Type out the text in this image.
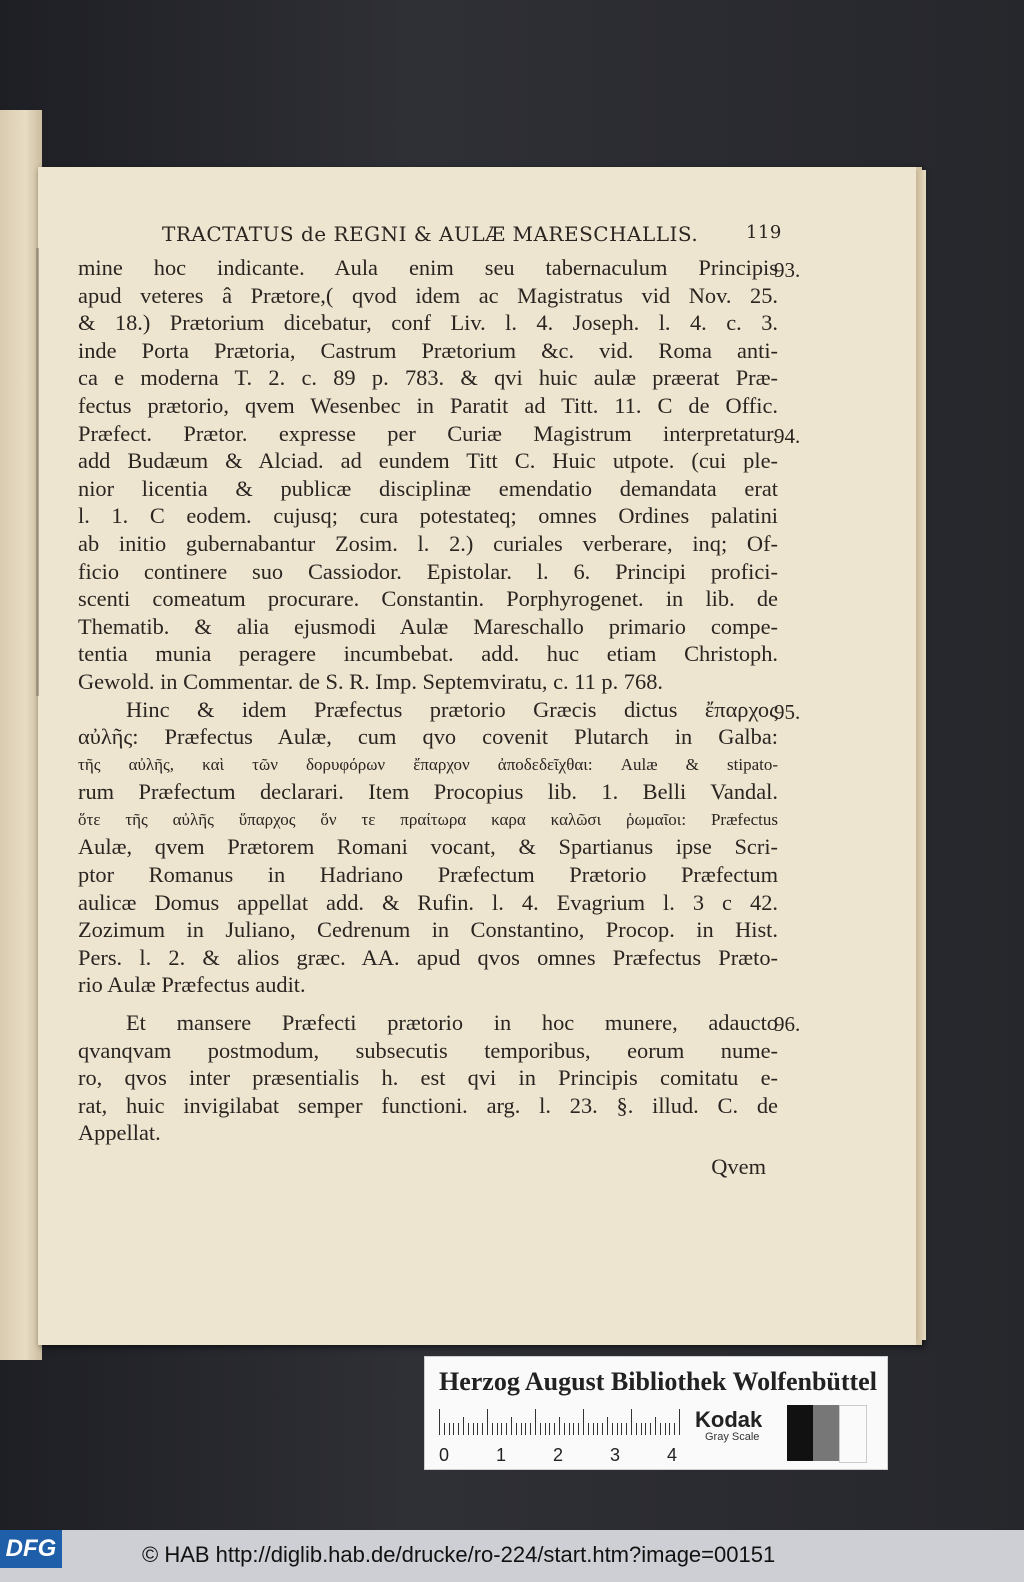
TRACTATUS de REGNI & AULÆ MARESCHALLIS.	119
mine hoc indicante. Aula enim seu tabernaculum Principis
apud veteres â Prætore,( qvod idem ac Magistratus vid Nov. 25.
& 18.) Prætorium dicebatur, conf Liv. l. 4. Joseph. l. 4. c. 3.
inde Porta Prætoria, Castrum Prætorium &c. vid. Roma anti-
ca e moderna T. 2. c. 89 p. 783. & qvi huic aulæ præerat Præ-
fectus prætorio, qvem Wesenbec in Paratit ad Titt. 11. C de Offic.
Præfect. Prætor. expresse per Curiæ Magistrum interpretatur.
add Budæum & Alciad. ad eundem Titt C. Huic utpote. (cui ple-
nior licentia & publicæ disciplinæ emendatio demandata erat
l. 1. C eodem. cujusq; cura potestateq; omnes Ordines palatini
ab initio gubernabantur Zosim. l. 2.) curiales verberare, inq; Of-
ficio continere suo Cassiodor. Epistolar. l. 6. Principi profici-
scenti comeatum procurare. Constantin. Porphyrogenet. in lib. de
Thematib. & alia ejusmodi Aulæ Mareschallo primario compe-
tentia munia peragere incumbebat. add. huc etiam Christoph.
Gewold. in Commentar. de S. R. Imp. Septemviratu, c. 11 p. 768.
Hinc & idem Præfectus prætorio Græcis dictus ἔπαρχος
αὐλῆς: Præfectus Aulæ, cum qvo covenit Plutarch in Galba:
τῆς αὐλῆς, καὶ τῶν δορυφόρων ἔπαρχον ἀποδεδεῖχθαι: Aulæ & stipato-
rum Præfectum declarari. Item Procopius lib. 1. Belli Vandal.
ὅτε τῆς αὐλῆς ὕπαρχος ὅν τε πραίτωρα καρα καλῶσι ῥωμαῖοι: Præfectus
Aulæ, qvem Prætorem Romani vocant, & Spartianus ipse Scri-
ptor Romanus in Hadriano Præfectum Prætorio Præfectum
aulicæ Domus appellat add. & Rufin. l. 4. Evagrium l. 3 c 42.
Zozimum in Juliano, Cedrenum in Constantino, Procop. in Hist.
Pers. l. 2. & alios græc. AA. apud qvos omnes Præfectus Præto-
rio Aulæ Præfectus audit.
Et mansere Præfecti prætorio in hoc munere, adaucto
qvanqvam postmodum, subsecutis temporibus, eorum nume-
ro, qvos inter præsentialis h. est qvi in Principis comitatu e-
rat, huic invigilabat semper functioni. arg. l. 23. §. illud. C. de
Appellat.
Qvem
93.
94.
95.
96.
Herzog August Bibliothek Wolfenbüttel
0	1	2	3	4
Kodak
Gray Scale
DFG	© HAB http://diglib.hab.de/drucke/ro-224/start.htm?image=00151
